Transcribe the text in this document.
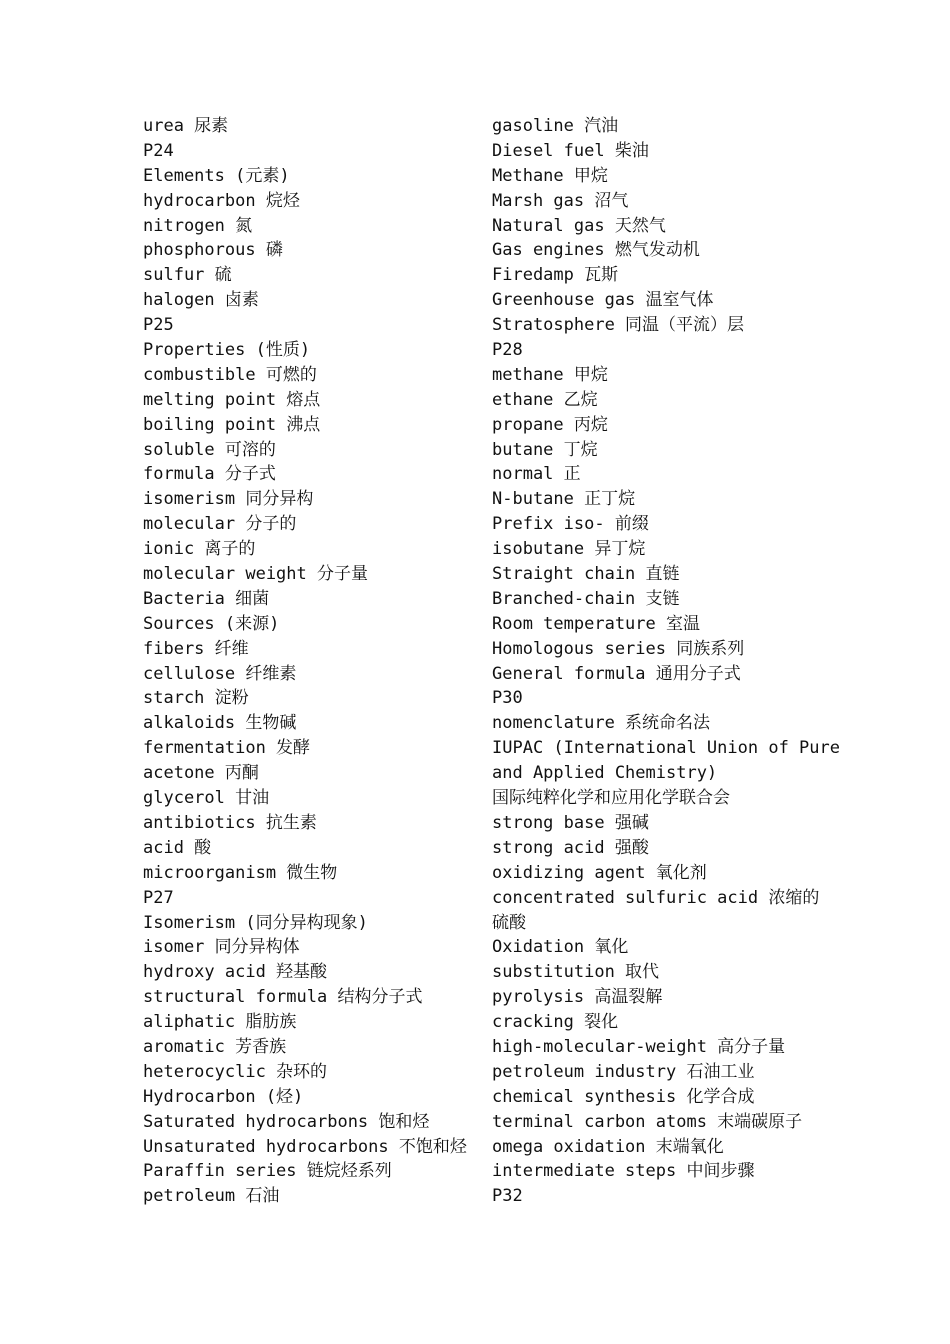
urea 尿素
P24
Elements (元素)
hydrocarbon 烷烃
nitrogen 氮
phosphorous 磷
sulfur 硫
halogen 卤素
P25
Properties (性质)
combustible 可燃的
melting point 熔点
boiling point 沸点
soluble 可溶的
formula 分子式
isomerism 同分异构
molecular 分子的
ionic 离子的
molecular weight 分子量
Bacteria 细菌
Sources (来源)
fibers 纤维
cellulose 纤维素
starch 淀粉
alkaloids 生物碱
fermentation 发酵
acetone 丙酮
glycerol 甘油
antibiotics 抗生素
acid 酸
microorganism 微生物
P27
Isomerism (同分异构现象)
isomer 同分异构体
hydroxy acid 羟基酸
structural formula 结构分子式
aliphatic 脂肪族
aromatic 芳香族
heterocyclic 杂环的
Hydrocarbon (烃)
Saturated hydrocarbons 饱和烃
Unsaturated hydrocarbons 不饱和烃
Paraffin series 链烷烃系列
petroleum 石油
gasoline 汽油
Diesel fuel 柴油
Methane 甲烷
Marsh gas 沼气
Natural gas 天然气
Gas engines 燃气发动机
Firedamp 瓦斯
Greenhouse gas 温室气体
Stratosphere 同温（平流）层
P28
methane 甲烷
ethane 乙烷
propane 丙烷
butane 丁烷
normal 正
N-butane 正丁烷
Prefix iso- 前缀
isobutane 异丁烷
Straight chain 直链
Branched-chain 支链
Room temperature 室温
Homologous series 同族系列
General formula 通用分子式
P30
nomenclature 系统命名法
IUPAC (International Union of Pure
and Applied Chemistry)
国际纯粹化学和应用化学联合会
strong base 强碱
strong acid 强酸
oxidizing agent 氧化剂
concentrated sulfuric acid 浓缩的
硫酸
Oxidation 氧化
substitution 取代
pyrolysis 高温裂解
cracking 裂化
high-molecular-weight 高分子量
petroleum industry 石油工业
chemical synthesis 化学合成
terminal carbon atoms 末端碳原子
omega oxidation 末端氧化
intermediate steps 中间步骤
P32
